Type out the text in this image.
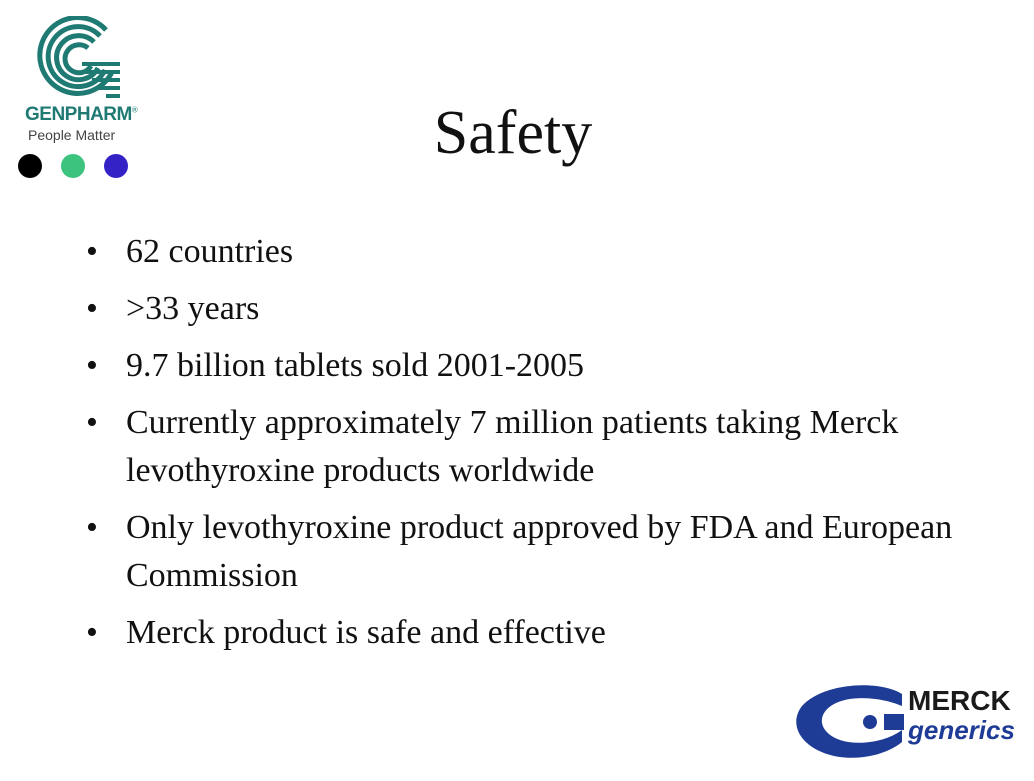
GENPHARM®
People Matter	Safety
• 62 countries
• >33 years
• 9.7 billion tablets sold 2001-2005
• Currently approximately 7 million patients taking Merck levothyroxine products worldwide
• Only levothyroxine product approved by FDA and European Commission
• Merck product is safe and effective
MERCK
generics
